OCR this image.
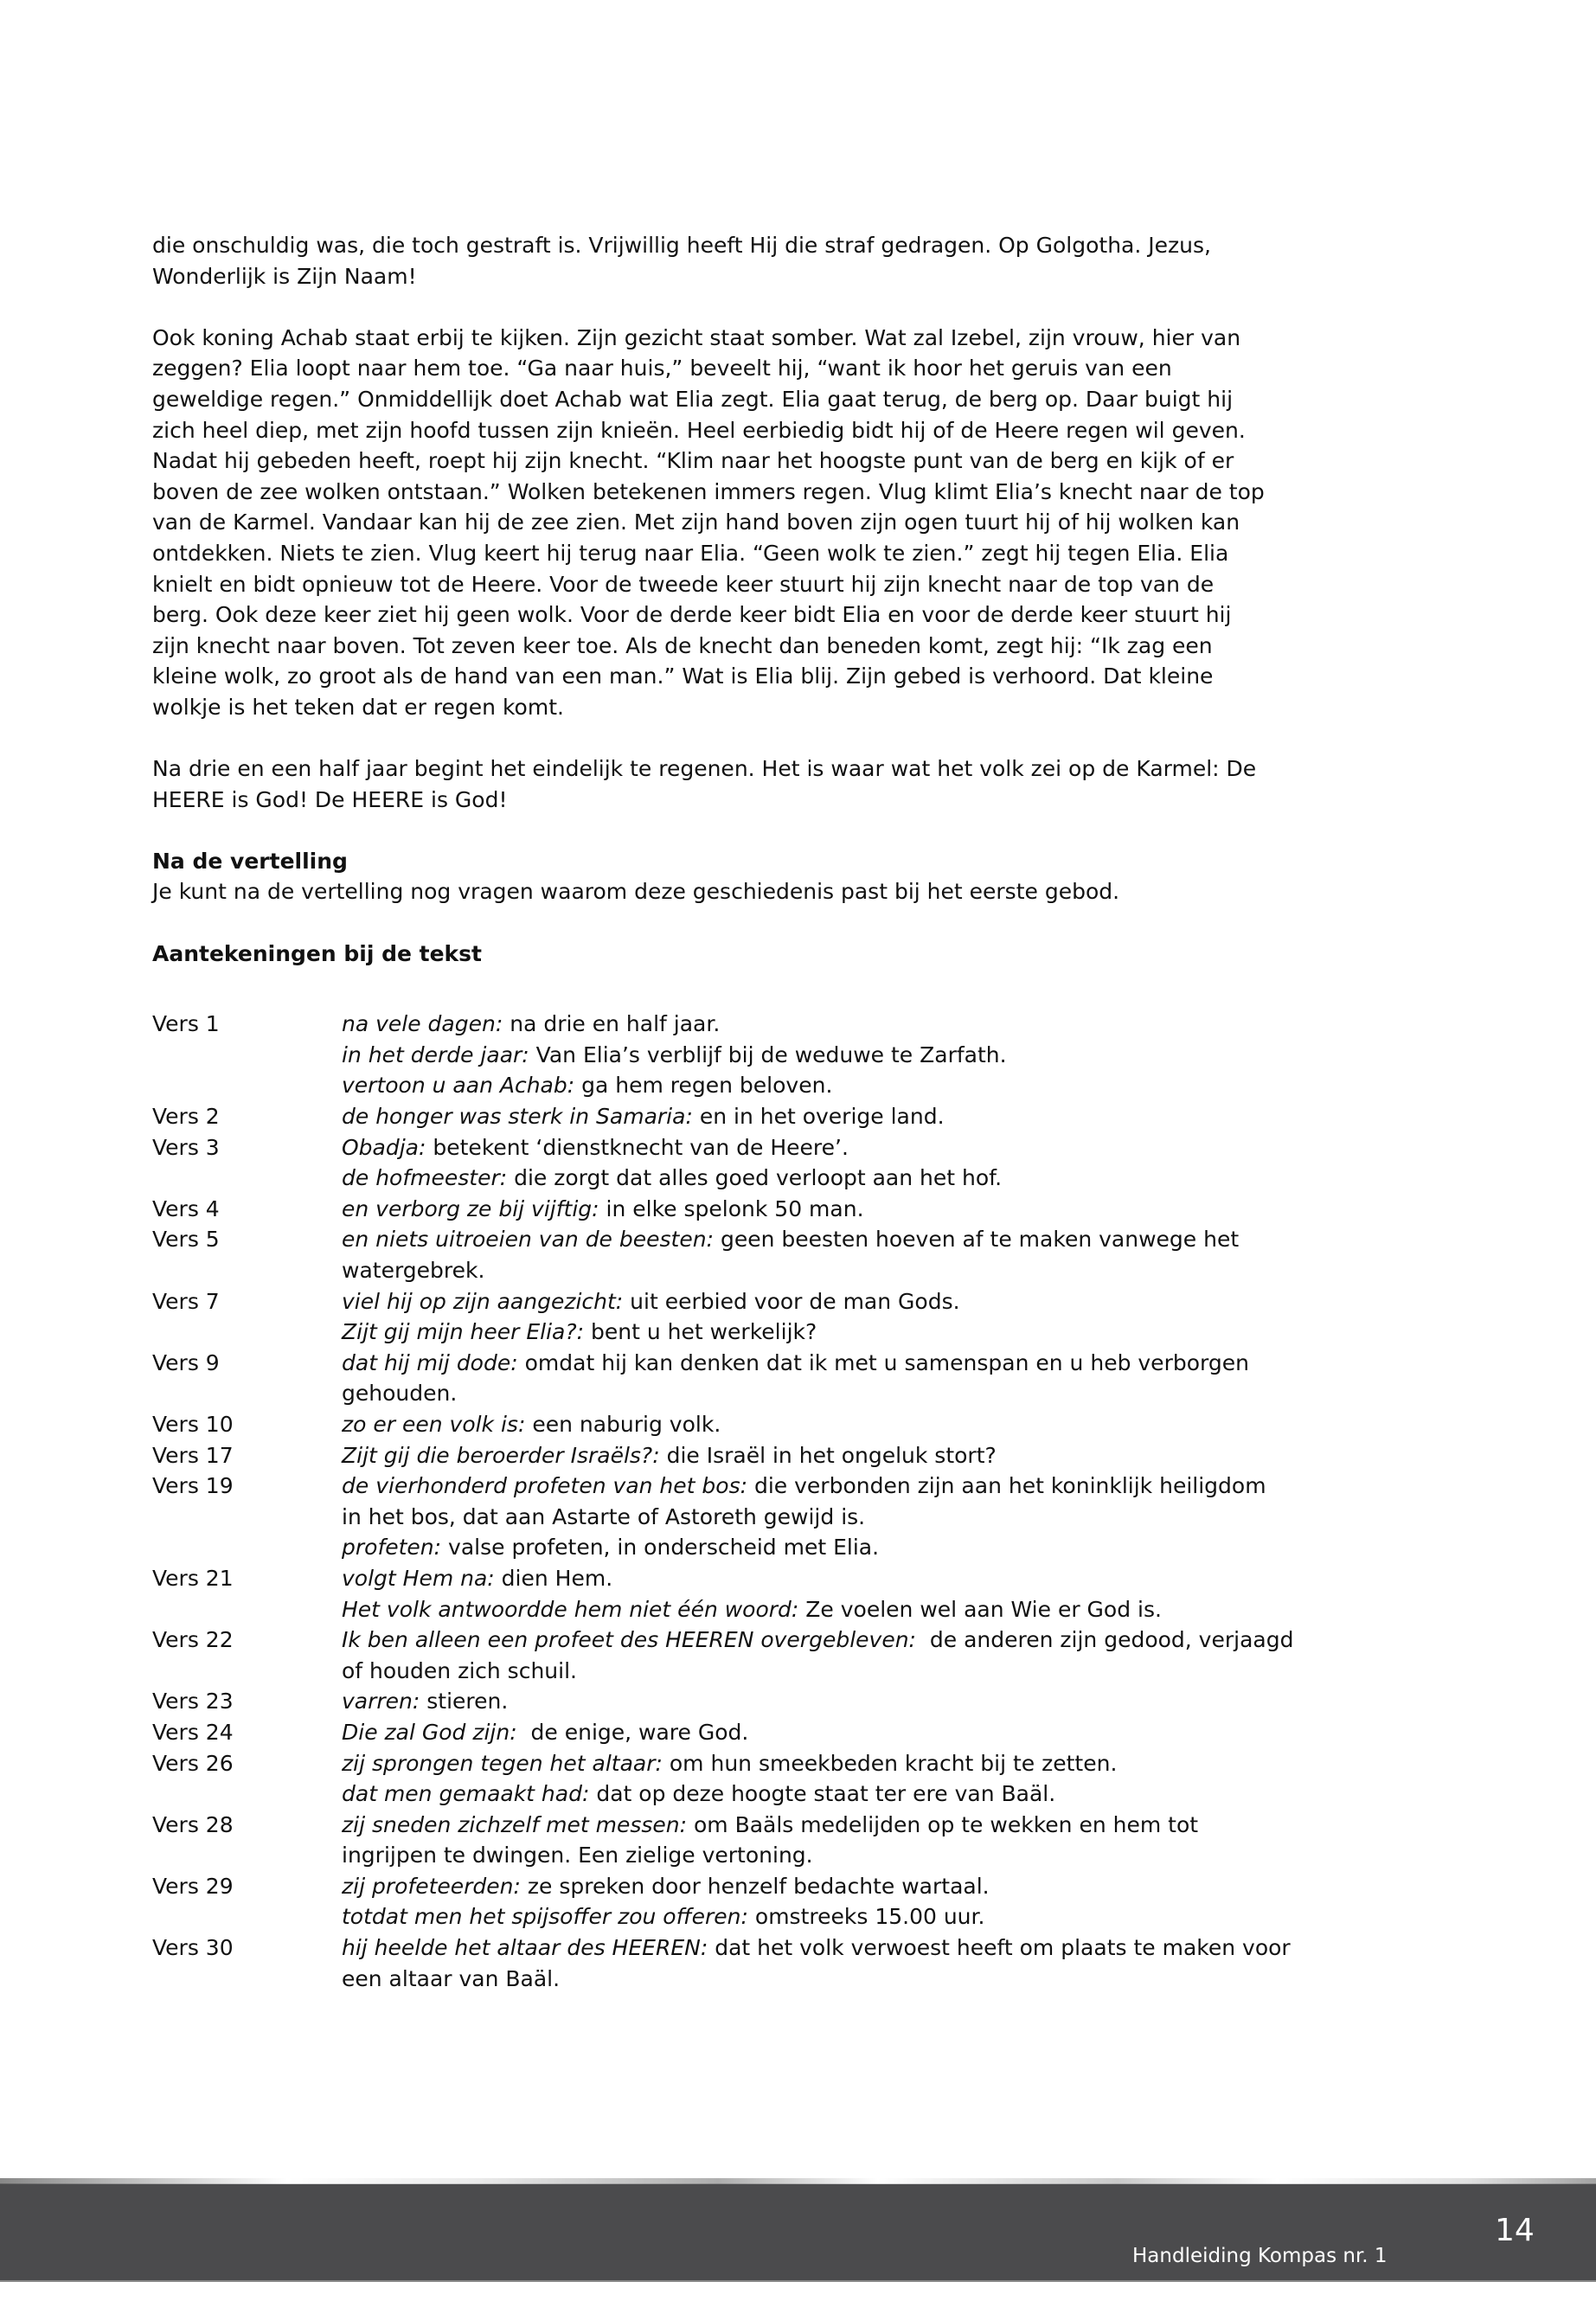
die onschuldig was, die toch gestraft is. Vrijwillig heeft Hij die straf gedragen. Op Golgotha. Jezus,
Wonderlijk is Zijn Naam!
Ook koning Achab staat erbij te kijken. Zijn gezicht staat somber. Wat zal Izebel, zijn vrouw, hier van
zeggen? Elia loopt naar hem toe. “Ga naar huis,” beveelt hij, “want ik hoor het geruis van een
geweldige regen.” Onmiddellijk doet Achab wat Elia zegt. Elia gaat terug, de berg op. Daar buigt hij
zich heel diep, met zijn hoofd tussen zijn knieën. Heel eerbiedig bidt hij of de Heere regen wil geven.
Nadat hij gebeden heeft, roept hij zijn knecht. “Klim naar het hoogste punt van de berg en kijk of er
boven de zee wolken ontstaan.” Wolken betekenen immers regen. Vlug klimt Elia’s knecht naar de top
van de Karmel. Vandaar kan hij de zee zien. Met zijn hand boven zijn ogen tuurt hij of hij wolken kan
ontdekken. Niets te zien. Vlug keert hij terug naar Elia. “Geen wolk te zien.” zegt hij tegen Elia. Elia
knielt en bidt opnieuw tot de Heere. Voor de tweede keer stuurt hij zijn knecht naar de top van de
berg. Ook deze keer ziet hij geen wolk. Voor de derde keer bidt Elia en voor de derde keer stuurt hij
zijn knecht naar boven. Tot zeven keer toe. Als de knecht dan beneden komt, zegt hij: “Ik zag een
kleine wolk, zo groot als de hand van een man.” Wat is Elia blij. Zijn gebed is verhoord. Dat kleine
wolkje is het teken dat er regen komt.
Na drie en een half jaar begint het eindelijk te regenen. Het is waar wat het volk zei op de Karmel: De
HEERE is God! De HEERE is God!
Na de vertelling
Je kunt na de vertelling nog vragen waarom deze geschiedenis past bij het eerste gebod.
Aantekeningen bij de tekst
Vers 1	na vele dagen: na drie en half jaar.
in het derde jaar: Van Elia’s verblijf bij de weduwe te Zarfath.
vertoon u aan Achab: ga hem regen beloven.
Vers 2	de honger was sterk in Samaria: en in het overige land.
Vers 3	Obadja: betekent ‘dienstknecht van de Heere’.
de hofmeester: die zorgt dat alles goed verloopt aan het hof.
Vers 4	en verborg ze bij vijftig: in elke spelonk 50 man.
Vers 5	en niets uitroeien van de beesten: geen beesten hoeven af te maken vanwege het
watergebrek.
Vers 7	viel hij op zijn aangezicht: uit eerbied voor de man Gods.
Zijt gij mijn heer Elia?: bent u het werkelijk?
Vers 9	dat hij mij dode: omdat hij kan denken dat ik met u samenspan en u heb verborgen
gehouden.
Vers 10	zo er een volk is: een naburig volk.
Vers 17	Zijt gij die beroerder Israëls?: die Israël in het ongeluk stort?
Vers 19	de vierhonderd profeten van het bos: die verbonden zijn aan het koninklijk heiligdom
in het bos, dat aan Astarte of Astoreth gewijd is.
profeten: valse profeten, in onderscheid met Elia.
Vers 21	volgt Hem na: dien Hem.
Het volk antwoordde hem niet één woord: Ze voelen wel aan Wie er God is.
Vers 22	Ik ben alleen een profeet des HEEREN overgebleven:  de anderen zijn gedood, verjaagd
of houden zich schuil.
Vers 23	varren: stieren.
Vers 24	Die zal God zijn:  de enige, ware God.
Vers 26	zij sprongen tegen het altaar: om hun smeekbeden kracht bij te zetten.
dat men gemaakt had: dat op deze hoogte staat ter ere van Baäl.
Vers 28	zij sneden zichzelf met messen: om Baäls medelijden op te wekken en hem tot
ingrijpen te dwingen. Een zielige vertoning.
Vers 29	zij profeteerden: ze spreken door henzelf bedachte wartaal.
totdat men het spijsoffer zou offeren: omstreeks 15.00 uur.
Vers 30	hij heelde het altaar des HEEREN: dat het volk verwoest heeft om plaats te maken voor
een altaar van Baäl.
Handleiding Kompas nr. 1
14
